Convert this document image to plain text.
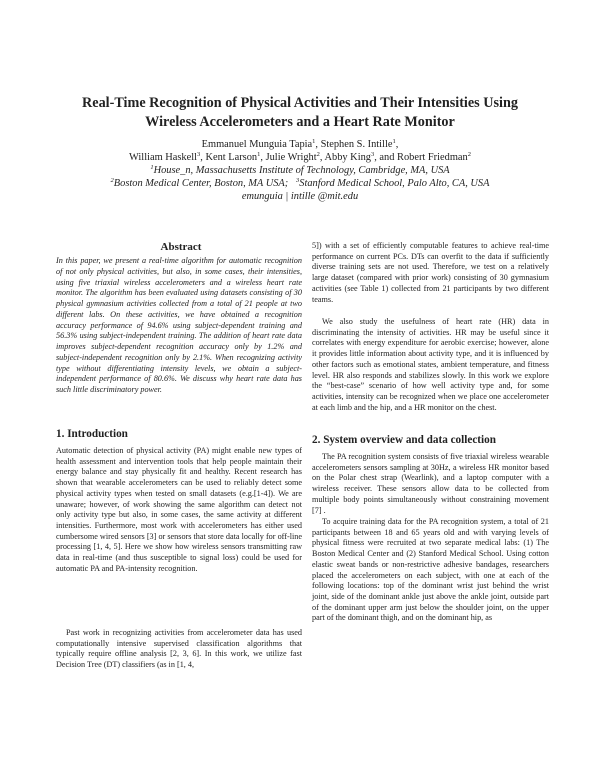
Real-Time Recognition of Physical Activities and Their Intensities Using
Wireless Accelerometers and a Heart Rate Monitor
Emmanuel Munguia Tapia$^1$, Stephen S. Intille$^1$,
William Haskell$^3$, Kent Larson$^1$, Julie Wright$^2$, Abby King$^3$, and Robert Friedman$^2$
$^1$House_n, Massachusetts Institute of Technology, Cambridge, MA, USA
$^2$Boston Medical Center, Boston, MA USA; $^3$Stanford Medical School, Palo Alto, CA, USA
emunguia | intille @mit.edu
Abstract
In this paper, we present a real-time algorithm for automatic recognition of not only physical activities, but also, in some cases, their intensities, using five triaxial wireless accelerometers and a wireless heart rate monitor. The algorithm has been evaluated using datasets consisting of 30 physical gymnasium activities collected from a total of 21 people at two different labs. On these activities, we have obtained a recognition accuracy performance of 94.6% using subject-dependent training and 56.3% using subject-independent training. The addition of heart rate data improves subject-dependent recognition accuracy only by 1.2% and subject-independent recognition only by 2.1%. When recognizing activity type without differentiating intensity levels, we obtain a subject-independent performance of 80.6%. We discuss why heart rate data has such little discriminatory power.
1. Introduction
Automatic detection of physical activity (PA) might enable new types of health assessment and intervention tools that help people maintain their energy balance and stay physically fit and healthy. Recent research has shown that wearable accelerometers can be used to reliably detect some physical activity types when tested on small datasets (e.g.[1-4]). We are unaware; however, of work showing the same algorithm can detect not only activity type but also, in some cases, the same activity at different intensities. Furthermore, most work with accelerometers has either used cumbersome wired sensors [3] or sensors that store data locally for off-line processing [1, 4, 5]. Here we show how wireless sensors transmitting raw data in real-time (and thus susceptible to signal loss) could be used for automatic PA and PA-intensity recognition.
Past work in recognizing activities from accelerometer data has used computationally intensive supervised classification algorithms that typically require offline analysis [2, 3, 6]. In this work, we utilize fast Decision Tree (DT) classifiers (as in [1, 4,
5]) with a set of efficiently computable features to achieve real-time performance on current PCs. DTs can overfit to the data if sufficiently diverse training sets are not used. Therefore, we test on a relatively large dataset (compared with prior work) consisting of 30 gymnasium activities (see Table 1) collected from 21 participants by two different teams.
We also study the usefulness of heart rate (HR) data in discriminating the intensity of activities. HR may be useful since it correlates with energy expenditure for aerobic exercise; however, alone it provides little information about activity type, and it is influenced by other factors such as emotional states, ambient temperature, and fitness level. HR also responds and stabilizes slowly. In this work we explore the “best-case” scenario of how well activity type and, for some activities, intensity can be recognized when we place one accelerometer at each limb and the hip, and a HR monitor on the chest.
2. System overview and data collection
The PA recognition system consists of five triaxial wireless wearable accelerometers sensors sampling at 30Hz, a wireless HR monitor based on the Polar chest strap (Wearlink), and a laptop computer with a wireless receiver. These sensors allow data to be collected from multiple body points simultaneously without constraining movement [7] .
To acquire training data for the PA recognition system, a total of 21 participants between 18 and 65 years old and with varying levels of physical fitness were recruited at two separate medical labs: (1) The Boston Medical Center and (2) Stanford Medical School. Using cotton elastic sweat bands or non-restrictive adhesive bandages, researchers placed the accelerometers on each subject, with one at each of the following locations: top of the dominant wrist just behind the wrist joint, side of the dominant ankle just above the ankle joint, outside part of the dominant upper arm just below the shoulder joint, on the upper part of the dominant thigh, and on the dominant hip, as
